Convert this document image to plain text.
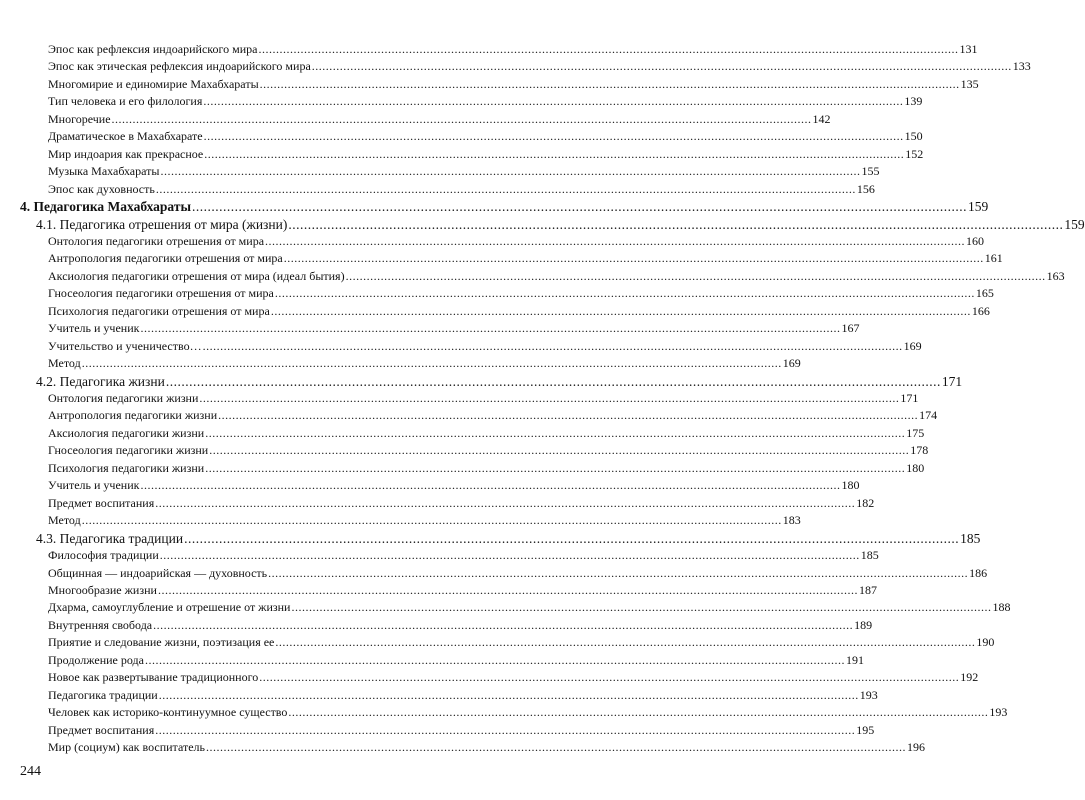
Эпос как рефлексия индоарийского мира ........................................................................................................................................................................................................ 131
Эпос как этическая рефлексия индоарийского мира ........................................................................................................................................................................................................ 133
Многомирие и единомирие Махабхараты ........................................................................................................................................................................................................ 135
Тип человека и его филология ........................................................................................................................................................................................................ 139
Многоречие ........................................................................................................................................................................................................ 142
Драматическое в Махабхарате ........................................................................................................................................................................................................ 150
Мир индоария как прекрасное ........................................................................................................................................................................................................ 152
Музыка Махабхараты ........................................................................................................................................................................................................ 155
Эпос как духовность ........................................................................................................................................................................................................ 156
4. Педагогика Махабхараты ........................................................................................................................................................................................................ 159
4.1. Педагогика отрешения от мира (жизни) ........................................................................................................................................................................................................ 159
Онтология педагогики отрешения от мира ........................................................................................................................................................................................................ 160
Антропология педагогики отрешения от мира ........................................................................................................................................................................................................ 161
Аксиология педагогики отрешения от мира (идеал бытия) ........................................................................................................................................................................................................ 163
Гносеология педагогики отрешения от мира ........................................................................................................................................................................................................ 165
Психология педагогики отрешения от мира ........................................................................................................................................................................................................ 166
Учитель и ученик ........................................................................................................................................................................................................ 167
Учительство и ученичество… ........................................................................................................................................................................................................ 169
Метод ........................................................................................................................................................................................................ 169
4.2. Педагогика жизни ........................................................................................................................................................................................................ 171
Онтология педагогики жизни ........................................................................................................................................................................................................ 171
Антропология педагогики жизни ........................................................................................................................................................................................................ 174
Аксиология педагогики жизни ........................................................................................................................................................................................................ 175
Гносеология педагогики жизни ........................................................................................................................................................................................................ 178
Психология педагогики жизни ........................................................................................................................................................................................................ 180
Учитель и ученик ........................................................................................................................................................................................................ 180
Предмет воспитания ........................................................................................................................................................................................................ 182
Метод ........................................................................................................................................................................................................ 183
4.3. Педагогика традиции ........................................................................................................................................................................................................ 185
Философия традиции ........................................................................................................................................................................................................ 185
Общинная — индоарийская — духовность ........................................................................................................................................................................................................ 186
Многообразие жизни ........................................................................................................................................................................................................ 187
Дхарма, самоуглубление и отрешение от жизни ........................................................................................................................................................................................................ 188
Внутренняя свобода ........................................................................................................................................................................................................ 189
Приятие и следование жизни, поэтизация ее ........................................................................................................................................................................................................ 190
Продолжение рода ........................................................................................................................................................................................................ 191
Новое как развертывание традиционного ........................................................................................................................................................................................................ 192
Педагогика традиции ........................................................................................................................................................................................................ 193
Человек как историко-континуумное существо ........................................................................................................................................................................................................ 193
Предмет воспитания ........................................................................................................................................................................................................ 195
Мир (социум) как воспитатель ........................................................................................................................................................................................................ 196
244
